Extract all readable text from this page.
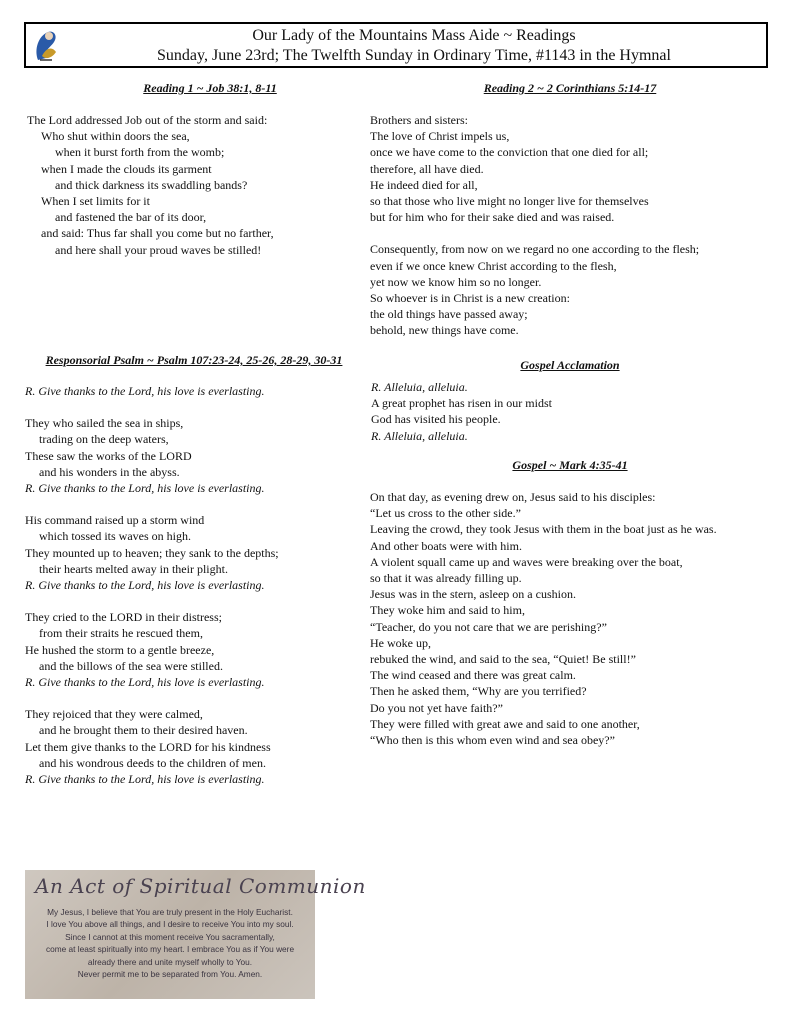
Our Lady of the Mountains Mass Aide ~ Readings
Sunday, June 23rd; The Twelfth Sunday in Ordinary Time, #1143 in the Hymnal
Reading 1 ~ Job 38:1, 8-11
The Lord addressed Job out of the storm and said:
Who shut within doors the sea,
when it burst forth from the womb;
when I made the clouds its garment
and thick darkness its swaddling bands?
When I set limits for it
and fastened the bar of its door,
and said: Thus far shall you come but no farther,
and here shall your proud waves be stilled!
Reading 2 ~ 2 Corinthians 5:14-17
Brothers and sisters:
The love of Christ impels us,
once we have come to the conviction that one died for all;
therefore, all have died.
He indeed died for all,
so that those who live might no longer live for themselves
but for him who for their sake died and was raised.
Consequently, from now on we regard no one according to the flesh;
even if we once knew Christ according to the flesh,
yet now we know him so no longer.
So whoever is in Christ is a new creation:
the old things have passed away;
behold, new things have come.
Responsorial Psalm ~ Psalm 107:23-24, 25-26, 28-29, 30-31
R. Give thanks to the Lord, his love is everlasting.
They who sailed the sea in ships,
trading on the deep waters,
These saw the works of the LORD
and his wonders in the abyss.
R. Give thanks to the Lord, his love is everlasting.
His command raised up a storm wind
which tossed its waves on high.
They mounted up to heaven; they sank to the depths;
their hearts melted away in their plight.
R. Give thanks to the Lord, his love is everlasting.
They cried to the LORD in their distress;
from their straits he rescued them,
He hushed the storm to a gentle breeze,
and the billows of the sea were stilled.
R. Give thanks to the Lord, his love is everlasting.
They rejoiced that they were calmed,
and he brought them to their desired haven.
Let them give thanks to the LORD for his kindness
and his wondrous deeds to the children of men.
R. Give thanks to the Lord, his love is everlasting.
Gospel Acclamation
R. Alleluia, alleluia.
A great prophet has risen in our midst
God has visited his people.
R. Alleluia, alleluia.
Gospel ~ Mark 4:35-41
On that day, as evening drew on, Jesus said to his disciples:
“Let us cross to the other side.”
Leaving the crowd, they took Jesus with them in the boat just as he was.
And other boats were with him.
A violent squall came up and waves were breaking over the boat,
so that it was already filling up.
Jesus was in the stern, asleep on a cushion.
They woke him and said to him,
“Teacher, do you not care that we are perishing?”
He woke up,
rebuked the wind, and said to the sea, “Quiet! Be still!”
The wind ceased and there was great calm.
Then he asked them, “Why are you terrified?
Do you not yet have faith?”
They were filled with great awe and said to one another,
“Who then is this whom even wind and sea obey?”
An Act of Spiritual Communion
My Jesus, I believe that You are truly present in the Holy Eucharist.
I love You above all things, and I desire to receive You into my soul.
Since I cannot at this moment receive You sacramentally,
come at least spiritually into my heart. I embrace You as if You were
already there and unite myself wholly to You.
Never permit me to be separated from You. Amen.
